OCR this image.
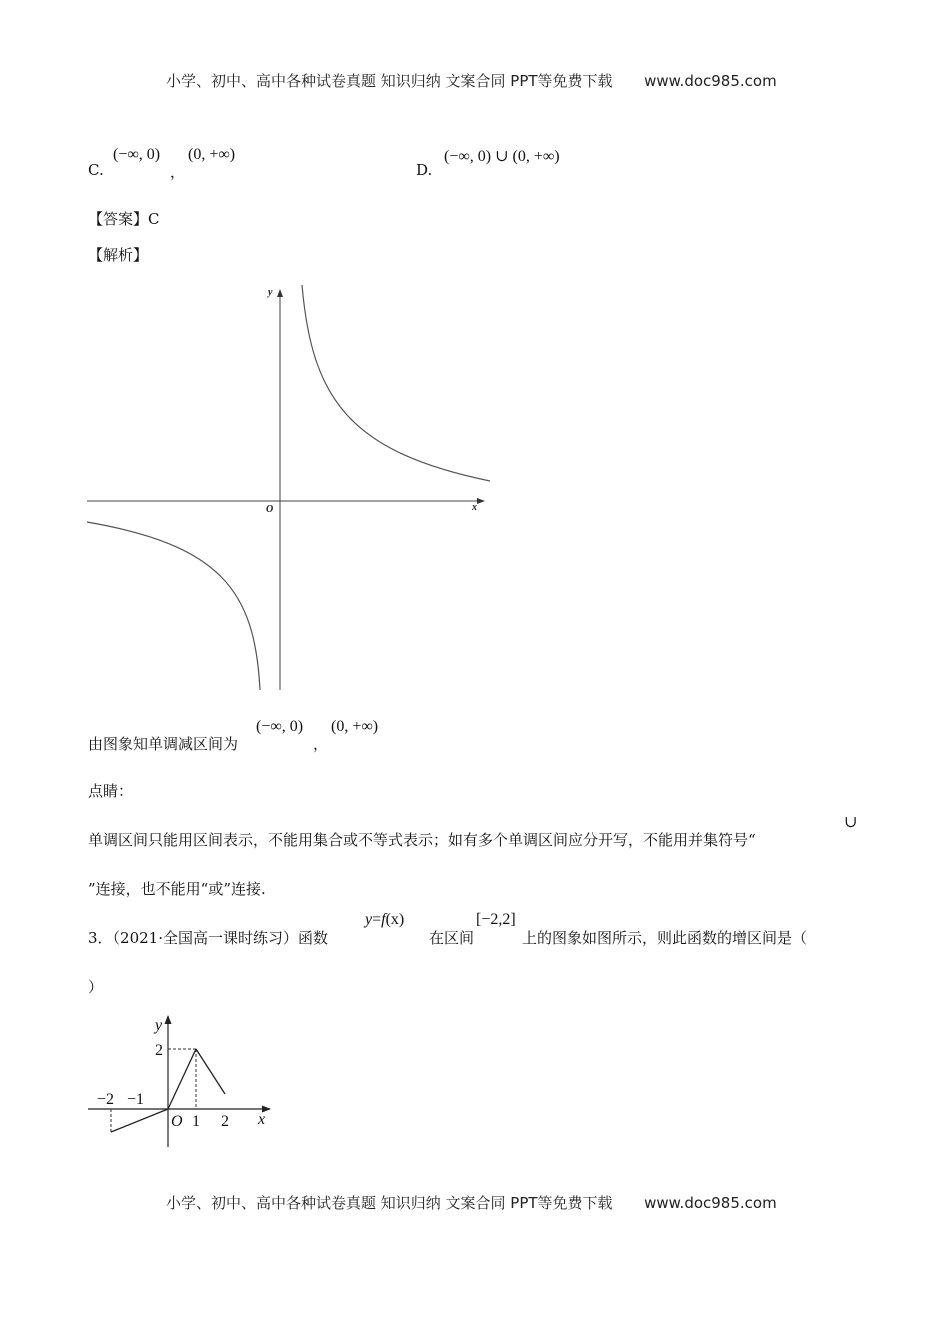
小学、初中、高中各种试卷真题 知识归纳 文案合同 PPT等免费下载 www.doc985.com
C.
(−∞, 0)
，
(0, +∞)
D.
(−∞, 0) ∪ (0, +∞)
【答案】C
【解析】
y
x
O
由图象知单调减区间为
(−∞, 0)
，
(0, +∞)
点睛：
单调区间只能用区间表示，不能用集合或不等式表示；如有多个单调区间应分开写，不能用并集符号“
∪
”连接，也不能用“或”连接.
3．（2021·全国高一课时练习）函数
y=f(x)
在区间
[−2,2]
上的图象如图所示，则此函数的增区间是（
）
y
x
O
−2 −1
1 2
2
小学、初中、高中各种试卷真题 知识归纳 文案合同 PPT等免费下载 www.doc985.com
